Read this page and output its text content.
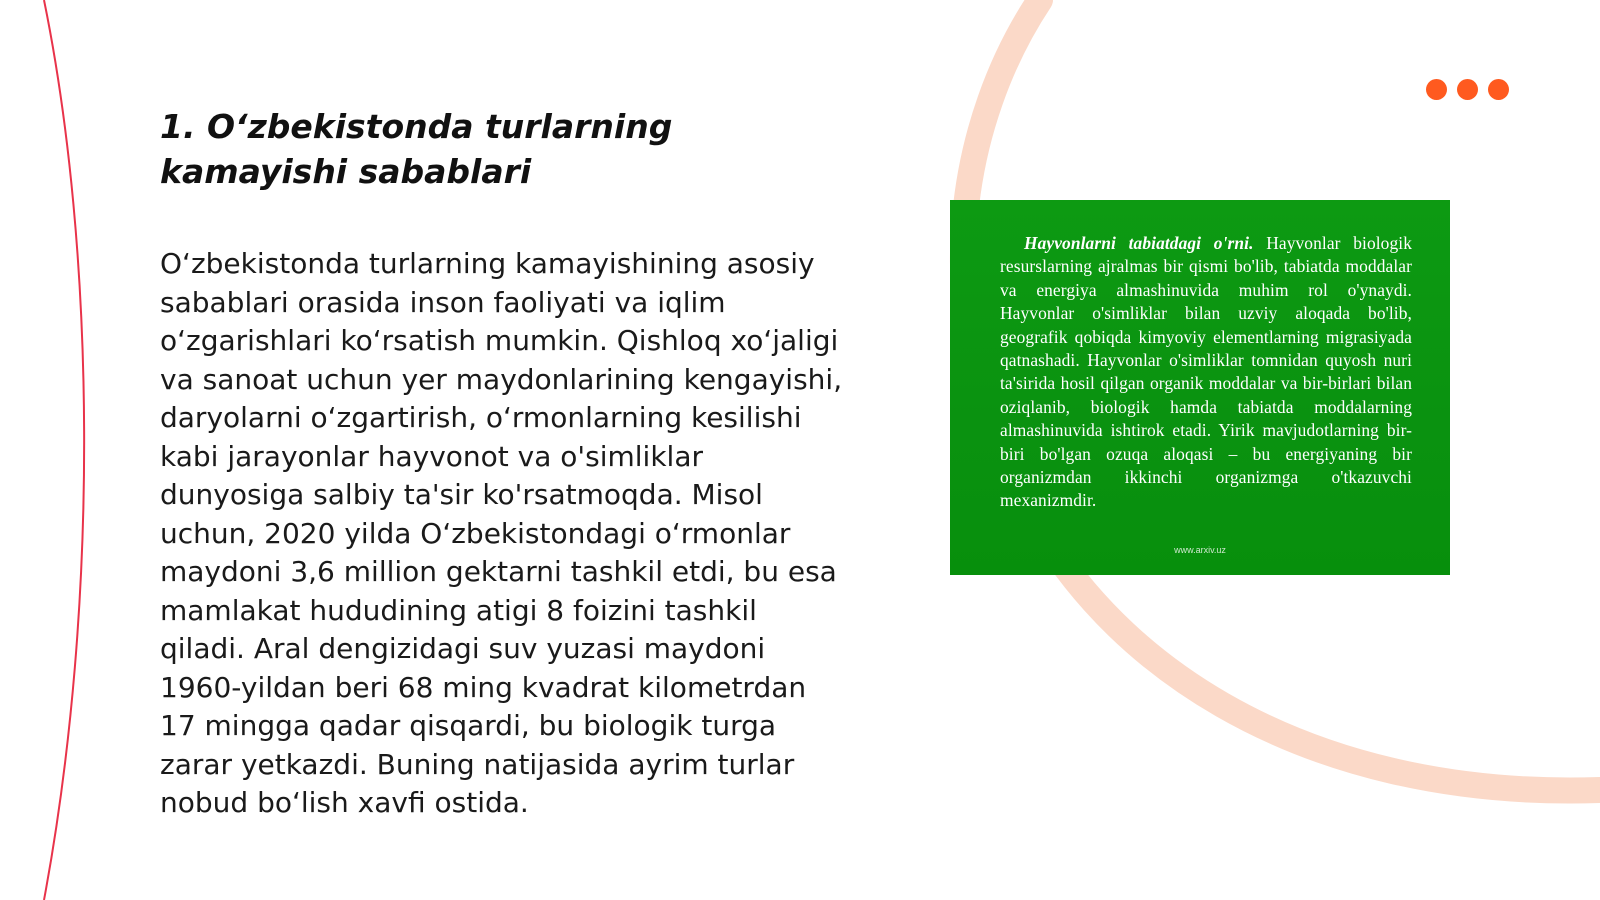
1. O‘zbekistonda turlarning kamayishi sabablari

O‘zbekistonda turlarning kamayishining asosiy sabablari orasida inson faoliyati va iqlim o‘zgarishlari ko‘rsatish mumkin. Qishloq xo‘jaligi va sanoat uchun yer maydonlarining kengayishi, daryolarni o‘zgartirish, o‘rmonlarning kesilishi kabi jarayonlar hayvonot va o'simliklar dunyosiga salbiy ta'sir ko'rsatmoqda. Misol uchun, 2020 yilda O‘zbekistondagi o‘rmonlar maydoni 3,6 million gektarni tashkil etdi, bu esa mamlakat hududining atigi 8 foizini tashkil qiladi. Aral dengizidagi suv yuzasi maydoni 1960-yildan beri 68 ming kvadrat kilometrdan 17 mingga qadar qisqardi, bu biologik turga zarar yetkazdi. Buning natijasida ayrim turlar nobud bo‘lish xavfi ostida.

Hayvonlarni tabiatdagi o'rni. Hayvonlar biologik resurslarning ajralmas bir qismi bo'lib, tabiatda moddalar va energiya almashinuvida muhim rol o'ynaydi. Hayvonlar o'simliklar bilan uzviy aloqada bo'lib, geografik qobiqda kimyoviy elementlarning migrasiyada qatnashadi. Hayvonlar o'simliklar tomnidan quyosh nuri ta'sirida hosil qilgan organik moddalar va bir-birlari bilan oziqlanib, biologik hamda tabiatda moddalarning almashinuvida ishtirok etadi. Yirik mavjudotlarning bir-biri bo'lgan ozuqa aloqasi – bu energiyaning bir organizmdan ikkinchi organizmga o'tkazuvchi mexanizmdir.

www.arxiv.uz
